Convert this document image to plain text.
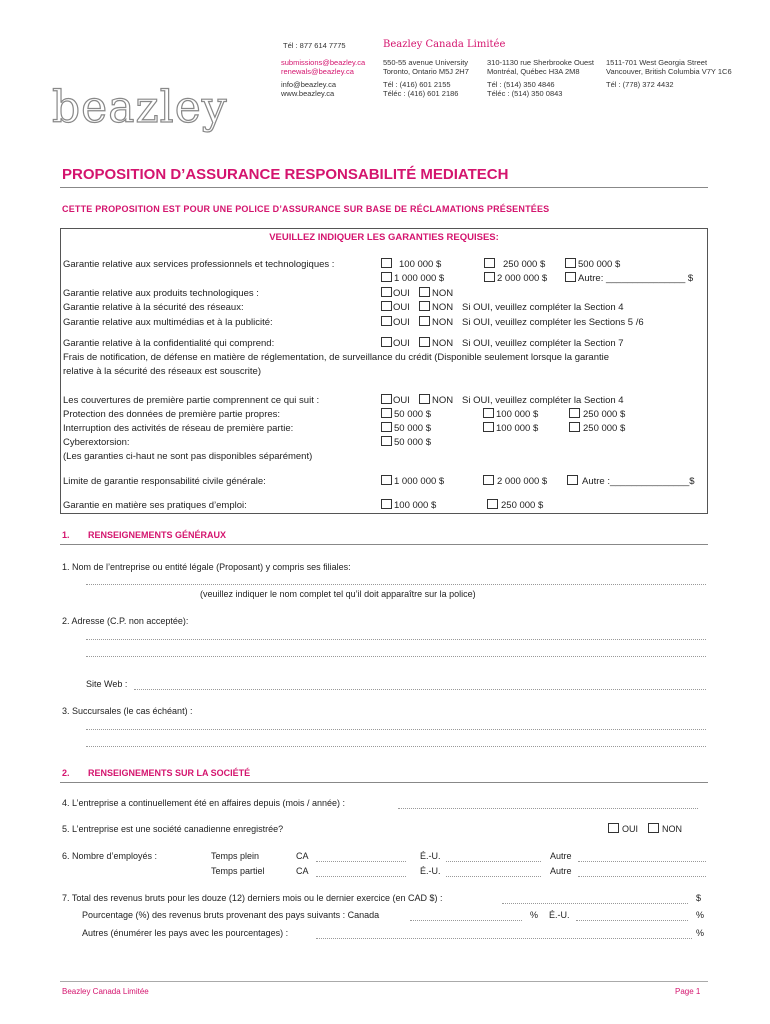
Tél : 877 614 7775	Beazley Canada Limitée
submissions@beazley.ca
renewals@beazley.ca
info@beazley.ca
www.beazley.ca
550-55 avenue University
Toronto, Ontario M5J 2H7
Tél : (416) 601 2155
Téléc : (416) 601 2186
310-1130 rue Sherbrooke Ouest
Montréal, Québec H3A 2M8
Tél : (514) 350 4846
Téléc : (514) 350 0843
1511-701 West Georgia Street
Vancouver, British Columbia V7Y 1C6
Tél : (778) 372 4432
beazley
PROPOSITION D’ASSURANCE RESPONSABILITÉ MEDIATECH
CETTE PROPOSITION EST POUR UNE POLICE D’ASSURANCE SUR BASE DE RÉCLAMATIONS PRÉSENTÉES
VEUILLEZ INDIQUER LES GARANTIES REQUISES:
Garantie relative aux services professionnels et technologiques :	100 000 $	250 000 $	500 000 $
1 000 000 $	2 000 000 $	Autre: _______________ $
Garantie relative aux produits technologiques :	OUI NON
Garantie relative à la sécurité des réseaux:	OUI NON Si OUI, veuillez compléter la Section 4
Garantie relative aux multimédias et à la publicité:	OUI NON Si OUI, veuillez compléter les Sections 5 /6
Garantie relative à la confidentialité qui comprend:	OUI NON Si OUI, veuillez compléter la Section 7
Frais de notification, de défense en matière de réglementation, de surveillance du crédit (Disponible seulement lorsque la garantie
relative à la sécurité des réseaux est souscrite)
Les couvertures de première partie comprennent ce qui suit :	OUI NON Si OUI, veuillez compléter la Section 4
Protection des données de première partie propres:	50 000 $	100 000 $	250 000 $
Interruption des activités de réseau de première partie:	50 000 $	100 000 $	250 000 $
Cyberextorsion:	50 000 $
(Les garanties ci-haut ne sont pas disponibles séparément)
Limite de garantie responsabilité civile générale:	1 000 000 $	2 000 000 $	Autre :_______________$
Garantie en matière ses pratiques d’emploi:	100 000 $	250 000 $
1. RENSEIGNEMENTS GÉNÉRAUX
1. Nom de l’entreprise ou entité légale (Proposant) y compris ses filiales:
(veuillez indiquer le nom complet tel qu’il doit apparaître sur la police)
2. Adresse (C.P. non acceptée):
Site Web :
3. Succursales (le cas échéant) :
2. RENSEIGNEMENTS SUR LA SOCIÉTÉ
4. L’entreprise a continuellement été en affaires depuis (mois / année) :
5. L’entreprise est une société canadienne enregistrée?	OUI	NON
6. Nombre d’employés :	Temps plein	CA	É.-U.	Autre
Temps partiel	CA	É.-U.	Autre
7. Total des revenus bruts pour les douze (12) derniers mois ou le dernier exercice (en CAD $) :	$
Pourcentage (%) des revenus bruts provenant des pays suivants : Canada	% É.-U.	%
Autres (énumérer les pays avec les pourcentages) :	%
Beazley Canada Limitée	Page 1
